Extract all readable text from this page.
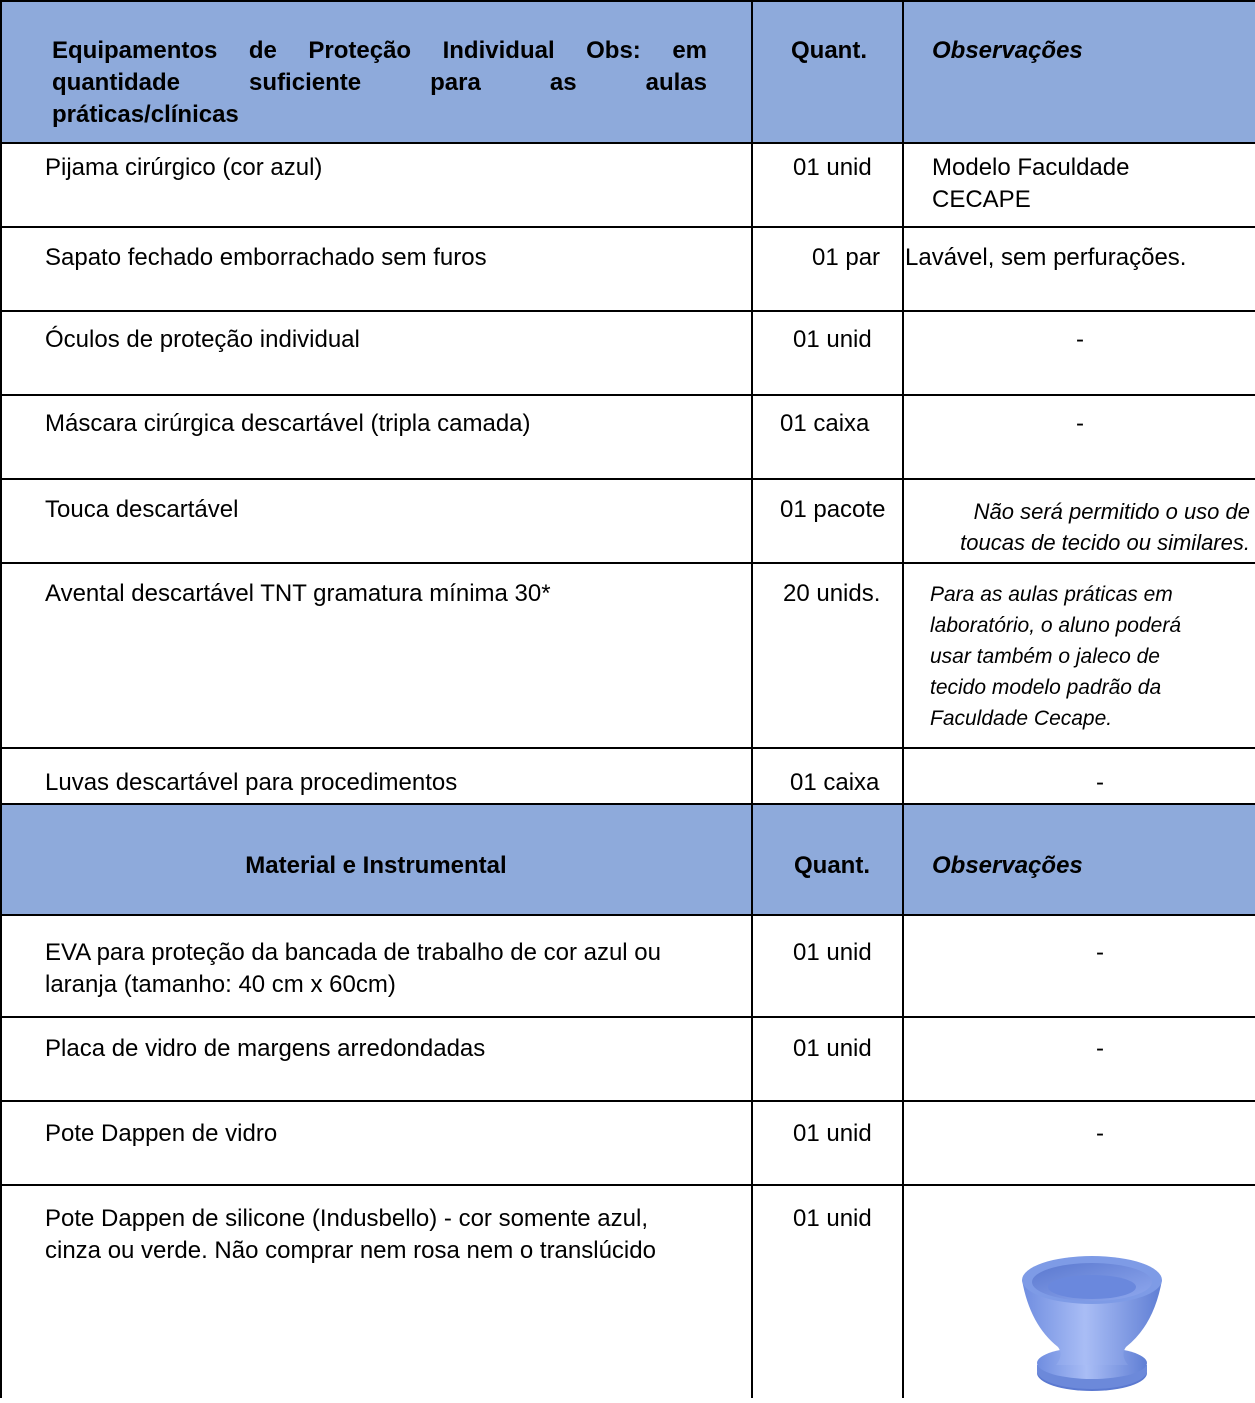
Equipamentos de Proteção Individual Obs: em
quantidade suficiente para as aulas
práticas/clínicas
Quant.	Observações
Pijama cirúrgico (cor azul)	01 unid	Modelo Faculdade
CECAPE
Sapato fechado emborrachado sem furos	01 par Lavável, sem perfurações.
Óculos de proteção individual	01 unid	-
Máscara cirúrgica descartável (tripla camada)	01 caixa	-
Touca descartável	01 pacote	Não será permitido o uso de
toucas de tecido ou similares.
Avental descartável TNT gramatura mínima 30*	20 unids. Para as aulas práticas em
laboratório, o aluno poderá
usar também o jaleco de
tecido modelo padrão da
Faculdade Cecape.
Luvas descartável para procedimentos	01 caixa	-
Material e Instrumental	Quant.	Observações
EVA para proteção da bancada de trabalho de cor azul ou
laranja (tamanho: 40 cm x 60cm)
01 unid	-
Placa de vidro de margens arredondadas	01 unid	-
Pote Dappen de vidro	01 unid	-
Pote Dappen de silicone (Indusbello) - cor somente azul,
cinza ou verde. Não comprar nem rosa nem o translúcido
01 unid
